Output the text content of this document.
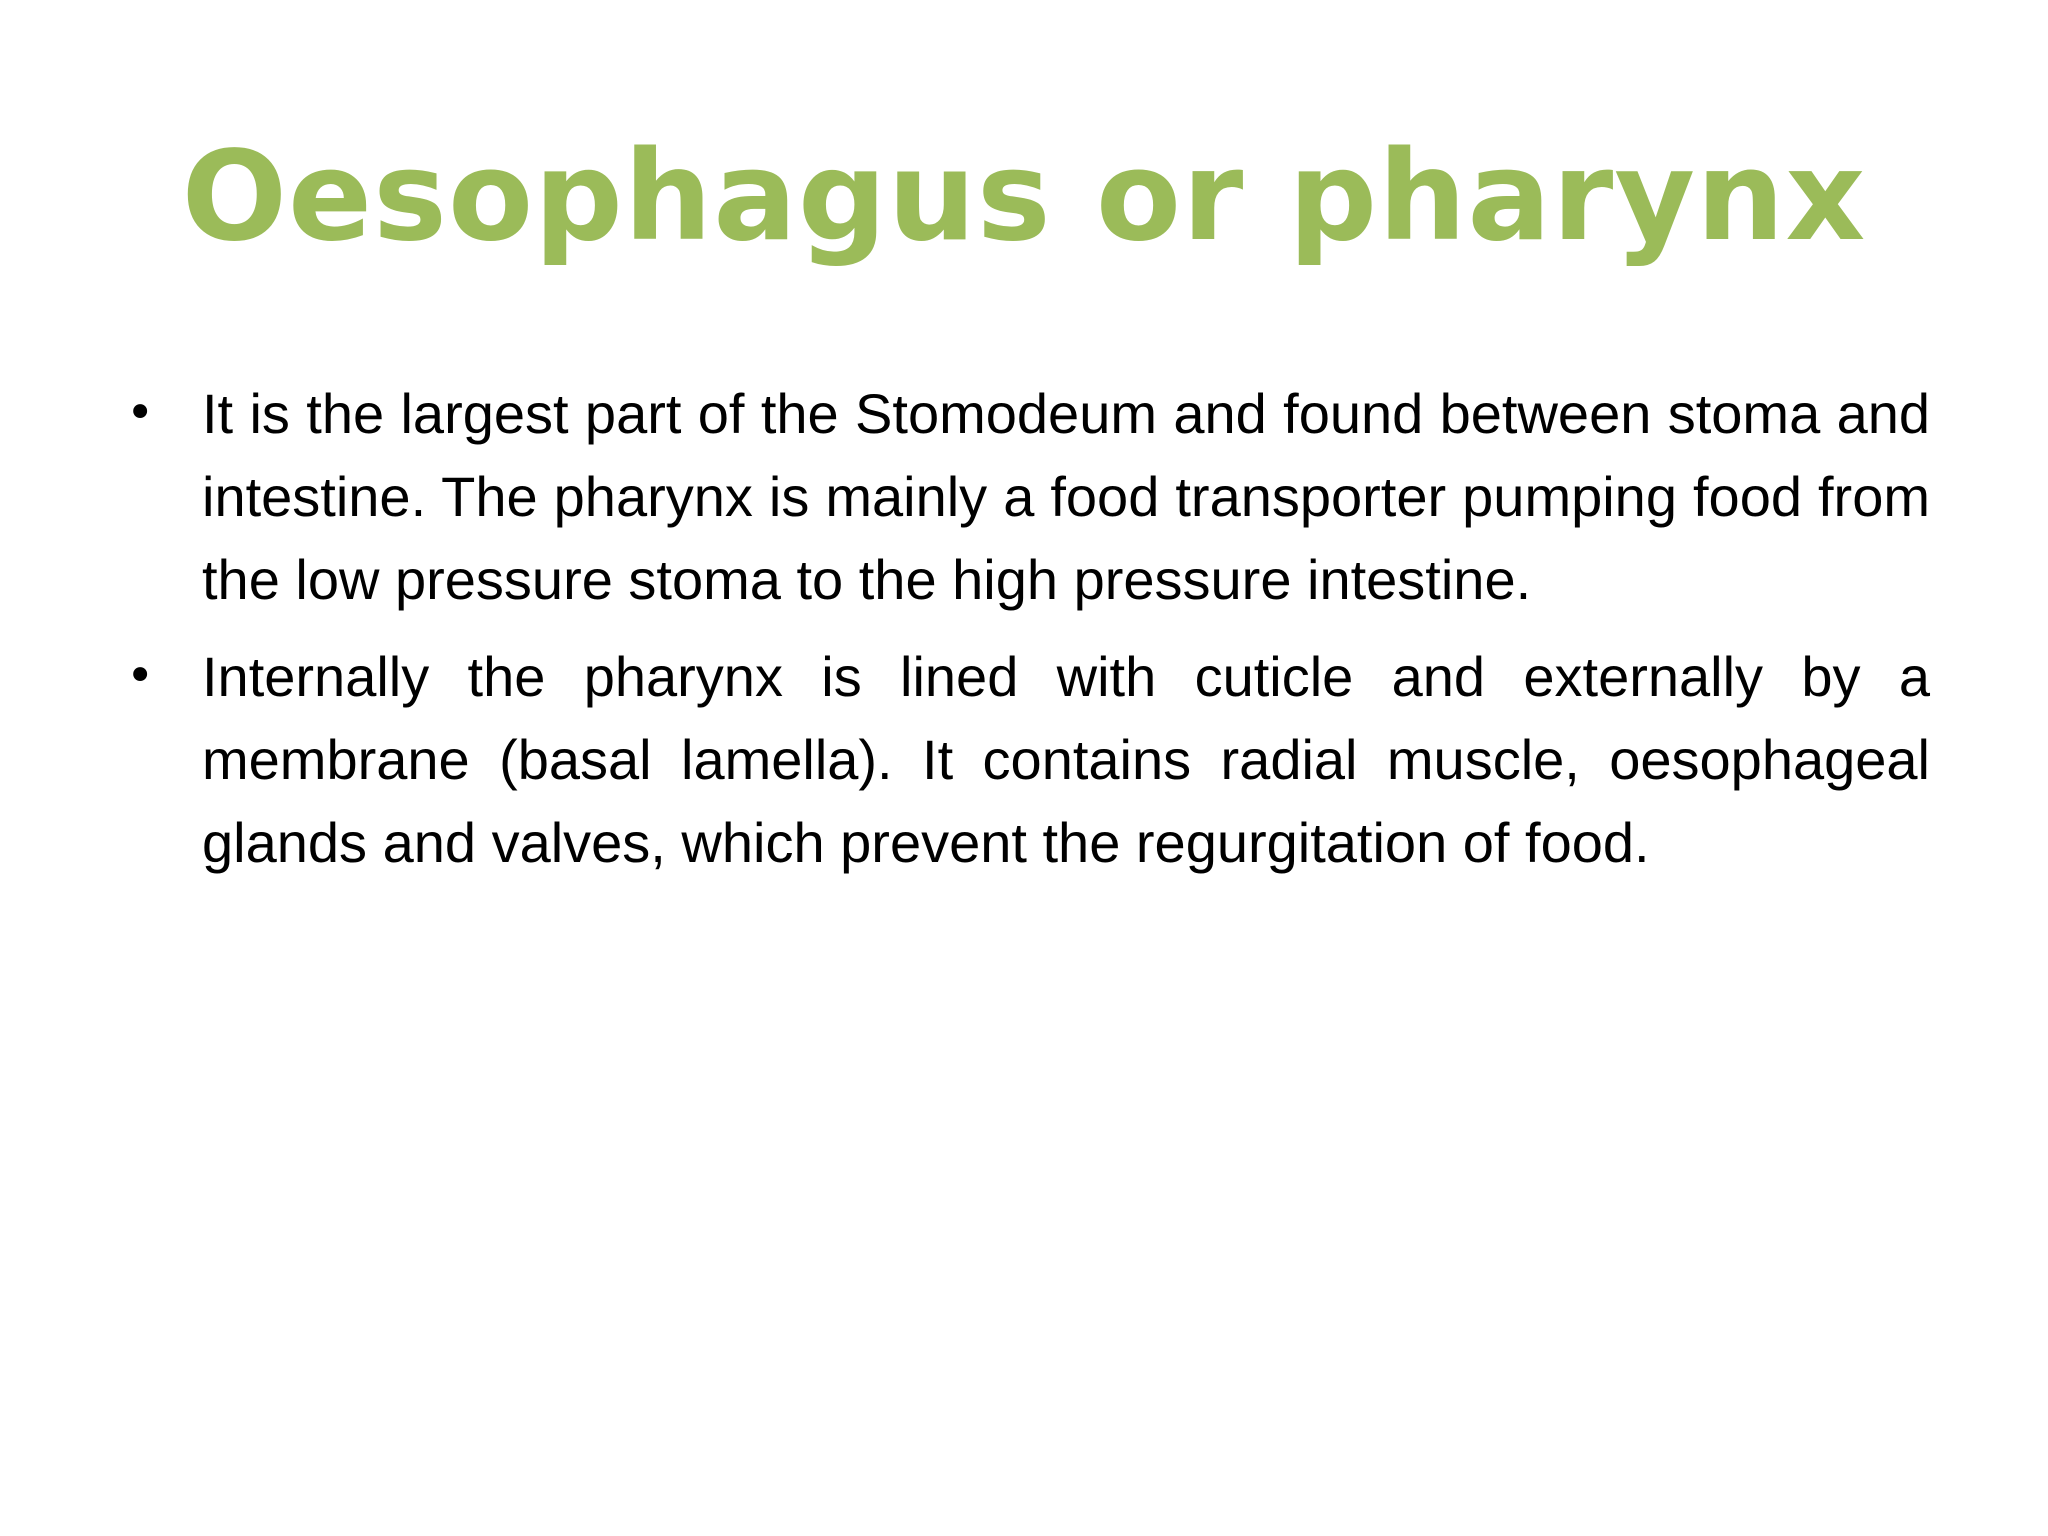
Oesophagus or pharynx
• It is the largest part of the Stomodeum and found between stoma and intestine. The pharynx is mainly a food transporter pumping food from the low pressure stoma to the high pressure intestine.
• Internally the pharynx is lined with cuticle and externally by a membrane (basal lamella). It contains radial muscle, oesophageal glands and valves, which prevent the regurgitation of food.
